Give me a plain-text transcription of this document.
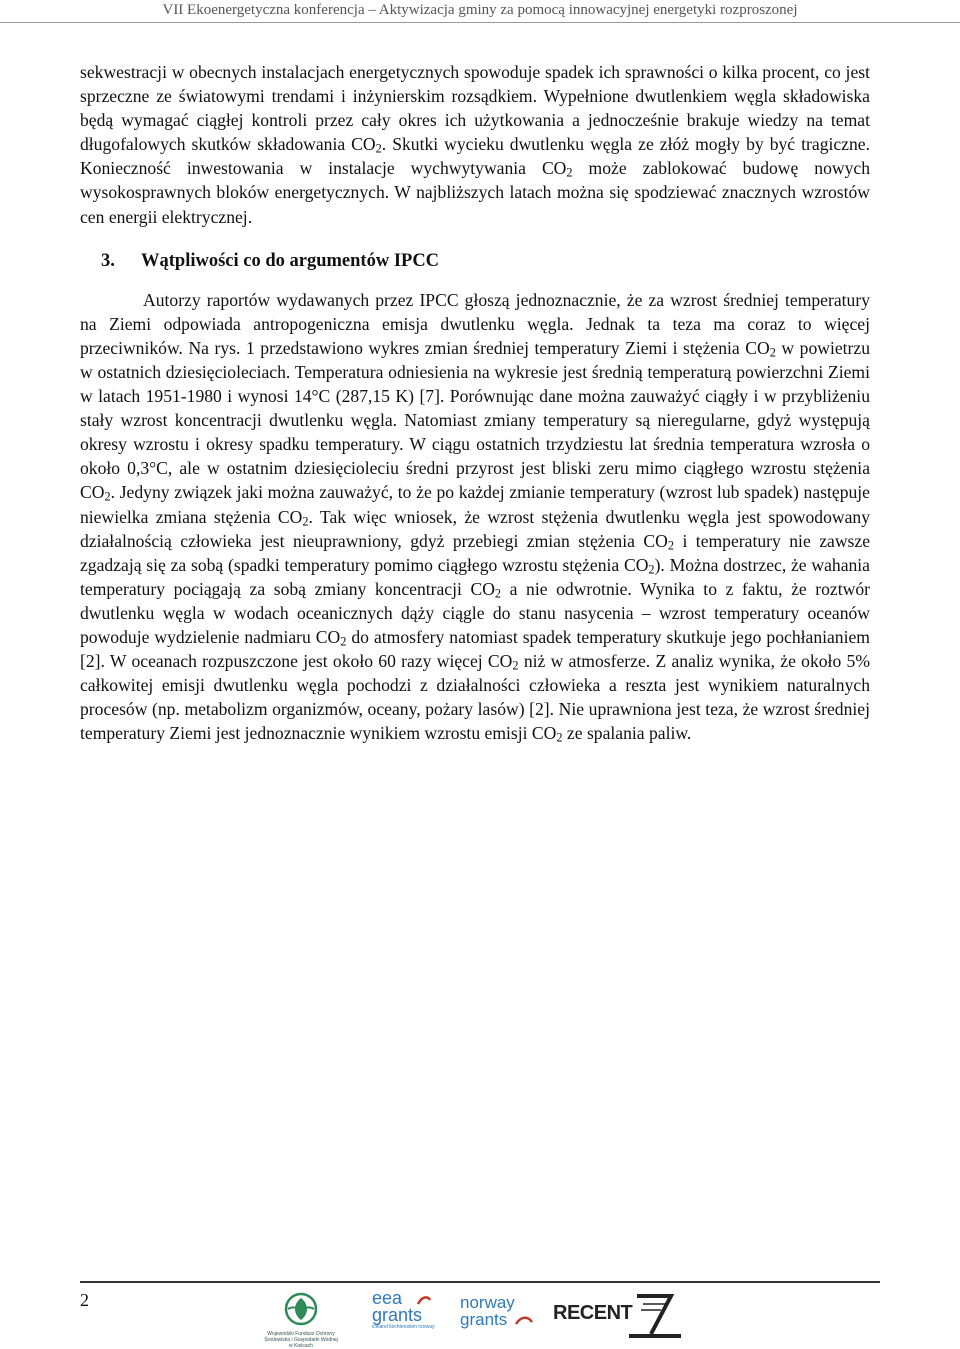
VII Ekoenergetyczna konferencja – Aktywizacja gminy za pomocą innowacyjnej energetyki rozproszonej

sekwestracji w obecnych instalacjach energetycznych spowoduje spadek ich sprawności o kilka procent, co jest sprzeczne ze światowymi trendami i inżynierskim rozsądkiem. Wypełnione dwutlenkiem węgla składowiska będą wymagać ciągłej kontroli przez cały okres ich użytkowania a jednocześnie brakuje wiedzy na temat długofalowych skutków składowania $CO_2$. Skutki wycieku dwutlenku węgla ze złóż mogły by być tragiczne. Konieczność inwestowania w instalacje wychwytywania $CO_2$ może zablokować budowę nowych wysokosprawnych bloków energetycznych. W najbliższych latach można się spodziewać znacznych wzrostów cen energii elektrycznej.

3. Wątpliwości co do argumentów IPCC

Autorzy raportów wydawanych przez IPCC głoszą jednoznacznie, że za wzrost średniej temperatury na Ziemi odpowiada antropogeniczna emisja dwutlenku węgla. Jednak ta teza ma coraz to więcej przeciwników. Na rys. 1 przedstawiono wykres zmian średniej temperatury Ziemi i stężenia $CO_2$ w powietrzu w ostatnich dziesięcioleciach. Temperatura odniesienia na wykresie jest średnią temperaturą powierzchni Ziemi w latach 1951-1980 i wynosi 14°C (287,15 K) [7]. Porównując dane można zauważyć ciągły i w przybliżeniu stały wzrost koncentracji dwutlenku węgla. Natomiast zmiany temperatury są nieregularne, gdyż występują okresy wzrostu i okresy spadku temperatury. W ciągu ostatnich trzydziestu lat średnia temperatura wzrosła o około 0,3°C, ale w ostatnim dziesięcioleciu średni przyrost jest bliski zeru mimo ciągłego wzrostu stężenia $CO_2$. Jedyny związek jaki można zauważyć, to że po każdej zmianie temperatury (wzrost lub spadek) następuje niewielka zmiana stężenia $CO_2$. Tak więc wniosek, że wzrost stężenia dwutlenku węgla jest spowodowany działalnością człowieka jest nieuprawniony, gdyż przebiegi zmian stężenia $CO_2$ i temperatury nie zawsze zgadzają się za sobą (spadki temperatury pomimo ciągłego wzrostu stężenia $CO_2$). Można dostrzec, że wahania temperatury pociągają za sobą zmiany koncentracji $CO_2$ a nie odwrotnie. Wynika to z faktu, że roztwór dwutlenku węgla w wodach oceanicznych dąży ciągle do stanu nasycenia – wzrost temperatury oceanów powoduje wydzielenie nadmiaru $CO_2$ do atmosfery natomiast spadek temperatury skutkuje jego pochłanianiem [2]. W oceanach rozpuszczone jest około 60 razy więcej $CO_2$ niż w atmosferze. Z analiz wynika, że około 5% całkowitej emisji dwutlenku węgla pochodzi z działalności człowieka a reszta jest wynikiem naturalnych procesów (np. metabolizm organizmów, oceany, pożary lasów) [2]. Nie uprawniona jest teza, że wzrost średniej temperatury Ziemi jest jednoznacznie wynikiem wzrostu emisji $CO_2$ ze spalania paliw.

2
Wojewódzki Fundusz Ochrony Środowiska i Gospodarki Wodnej w Kielcach
eea
grants
iceland liechtenstein norway
norway
grants	RECENT
